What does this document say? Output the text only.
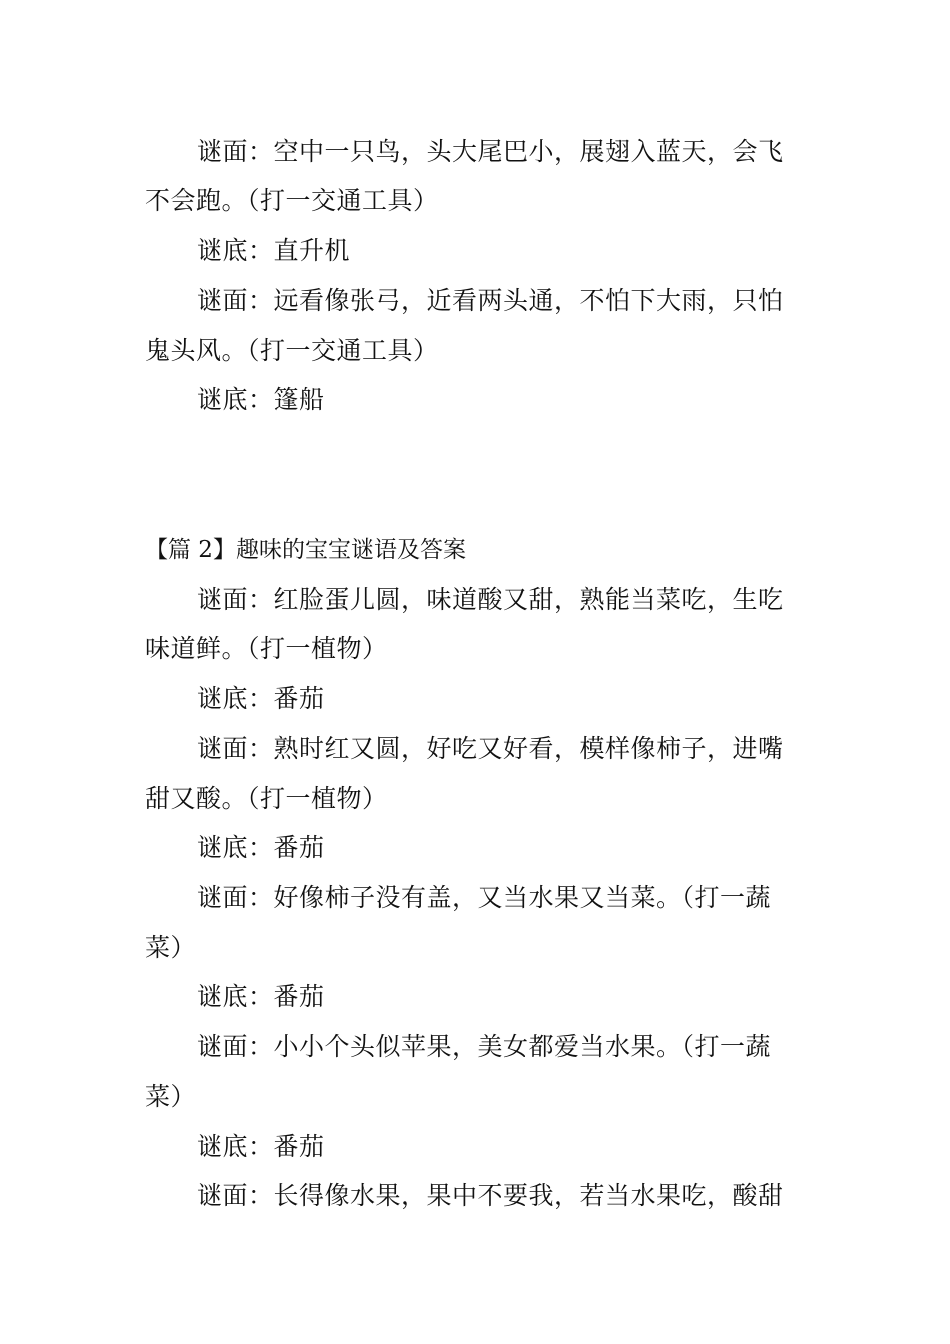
谜面：空中一只鸟，头大尾巴小，展翅入蓝天，会飞
不会跑。（打一交通工具）
谜底：直升机
谜面：远看像张弓，近看两头通，不怕下大雨，只怕
鬼头风。（打一交通工具）
谜底：篷船
【篇 2】趣味的宝宝谜语及答案
谜面：红脸蛋儿圆，味道酸又甜，熟能当菜吃，生吃
味道鲜。（打一植物）
谜底：番茄
谜面：熟时红又圆，好吃又好看，模样像柿子，进嘴
甜又酸。（打一植物）
谜底：番茄
谜面：好像柿子没有盖，又当水果又当菜。（打一蔬
菜）
谜底：番茄
谜面：小小个头似苹果，美女都爱当水果。（打一蔬
菜）
谜底：番茄
谜面：长得像水果，果中不要我，若当水果吃，酸甜
